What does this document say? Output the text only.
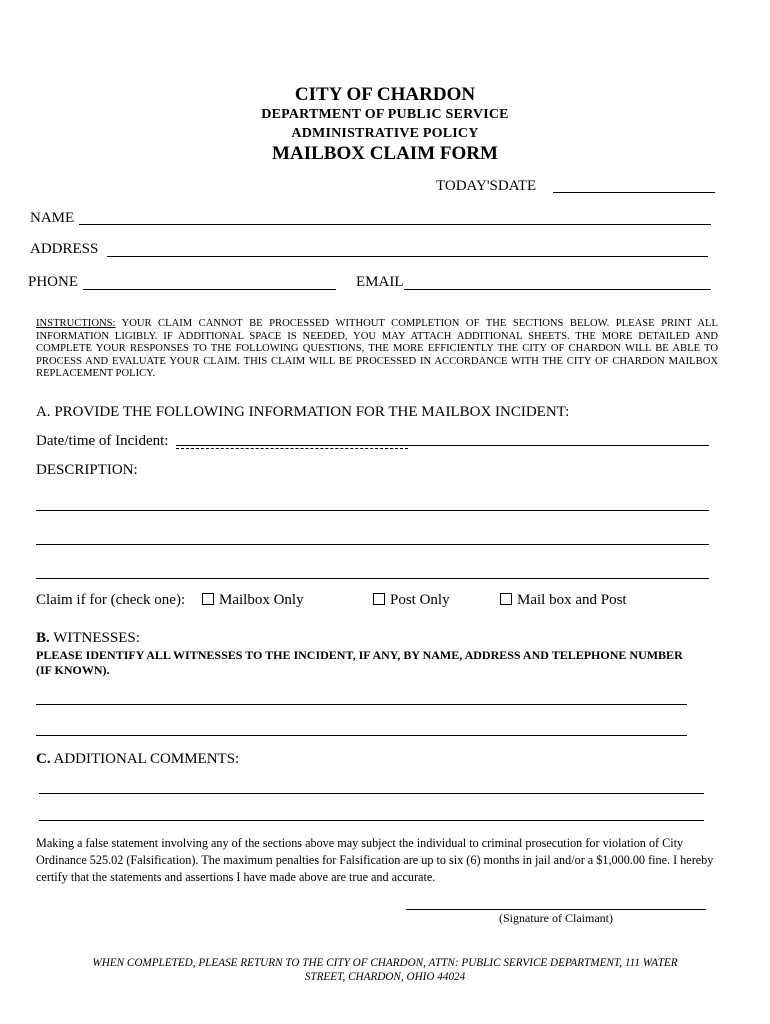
CITY OF CHARDON
DEPARTMENT OF PUBLIC SERVICE
ADMINISTRATIVE POLICY
MAILBOX CLAIM FORM
TODAY'SDATE
NAME
ADDRESS
PHONE	EMAIL
INSTRUCTIONS: YOUR CLAIM CANNOT BE PROCESSED WITHOUT COMPLETION OF THE SECTIONS BELOW. PLEASE PRINT ALL INFORMATION LIGIBLY. IF ADDITIONAL SPACE IS NEEDED, YOU MAY ATTACH ADDITIONAL SHEETS. THE MORE DETAILED AND COMPLETE YOUR RESPONSES TO THE FOLLOWING QUESTIONS, THE MORE EFFICIENTLY THE CITY OF CHARDON WILL BE ABLE TO PROCESS AND EVALUATE YOUR CLAIM. THIS CLAIM WILL BE PROCESSED IN ACCORDANCE WITH THE CITY OF CHARDON MAILBOX REPLACEMENT POLICY.
A. PROVIDE THE FOLLOWING INFORMATION FOR THE MAILBOX INCIDENT:
Date/time of Incident:
DESCRIPTION:
Claim if for (check one):	Mailbox Only	Post Only	Mail box and Post
B. WITNESSES:
PLEASE IDENTIFY ALL WITNESSES TO THE INCIDENT, IF ANY, BY NAME, ADDRESS AND TELEPHONE NUMBER (IF KNOWN).
C. ADDITIONAL COMMENTS:
Making a false statement involving any of the sections above may subject the individual to criminal prosecution for violation of City Ordinance 525.02 (Falsification). The maximum penalties for Falsification are up to six (6) months in jail and/or a $1,000.00 fine. I hereby certify that the statements and assertions I have made above are true and accurate.
(Signature of Claimant)
WHEN COMPLETED, PLEASE RETURN TO THE CITY OF CHARDON, ATTN: PUBLIC SERVICE DEPARTMENT, 111 WATER
STREET, CHARDON, OHIO 44024
